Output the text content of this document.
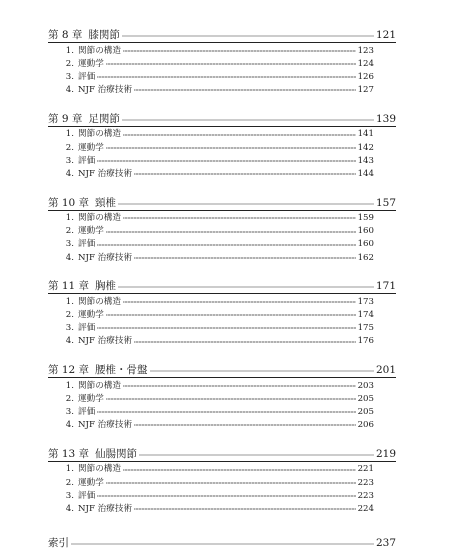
第 8 章 膝関節	121
1. 関節の構造	123
2. 運動学	124
3. 評価	126
4. NJF 治療技術	127
第 9 章 足関節	139
1. 関節の構造	141
2. 運動学	142
3. 評価	143
4. NJF 治療技術	144
第 10 章 頸椎	157
1. 関節の構造	159
2. 運動学	160
3. 評価	160
4. NJF 治療技術	162
第 11 章 胸椎	171
1. 関節の構造	173
2. 運動学	174
3. 評価	175
4. NJF 治療技術	176
第 12 章 腰椎・骨盤	201
1. 関節の構造	203
2. 運動学	205
3. 評価	205
4. NJF 治療技術	206
第 13 章 仙腸関節	219
1. 関節の構造	221
2. 運動学	223
3. 評価	223
4. NJF 治療技術	224
索引	237
